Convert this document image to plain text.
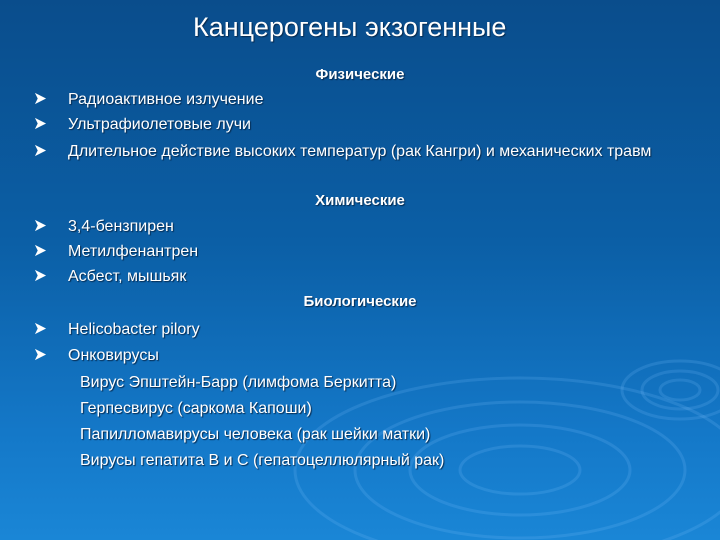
Канцерогены экзогенные
Физические
Радиоактивное излучение
Ультрафиолетовые лучи
Длительное действие высоких температур (рак Кангри) и механических травм
Химические
3,4-бензпирен
Метилфенантрен
Асбест, мышьяк
Биологические
Helicobacter pilory
Онковирусы
Вирус Эпштейн-Барр (лимфома Беркитта)
Герпесвирус (саркома Капоши)
Папилломавирусы человека (рак шейки матки)
Вирусы гепатита В и С (гепатоцеллюлярный рак)
